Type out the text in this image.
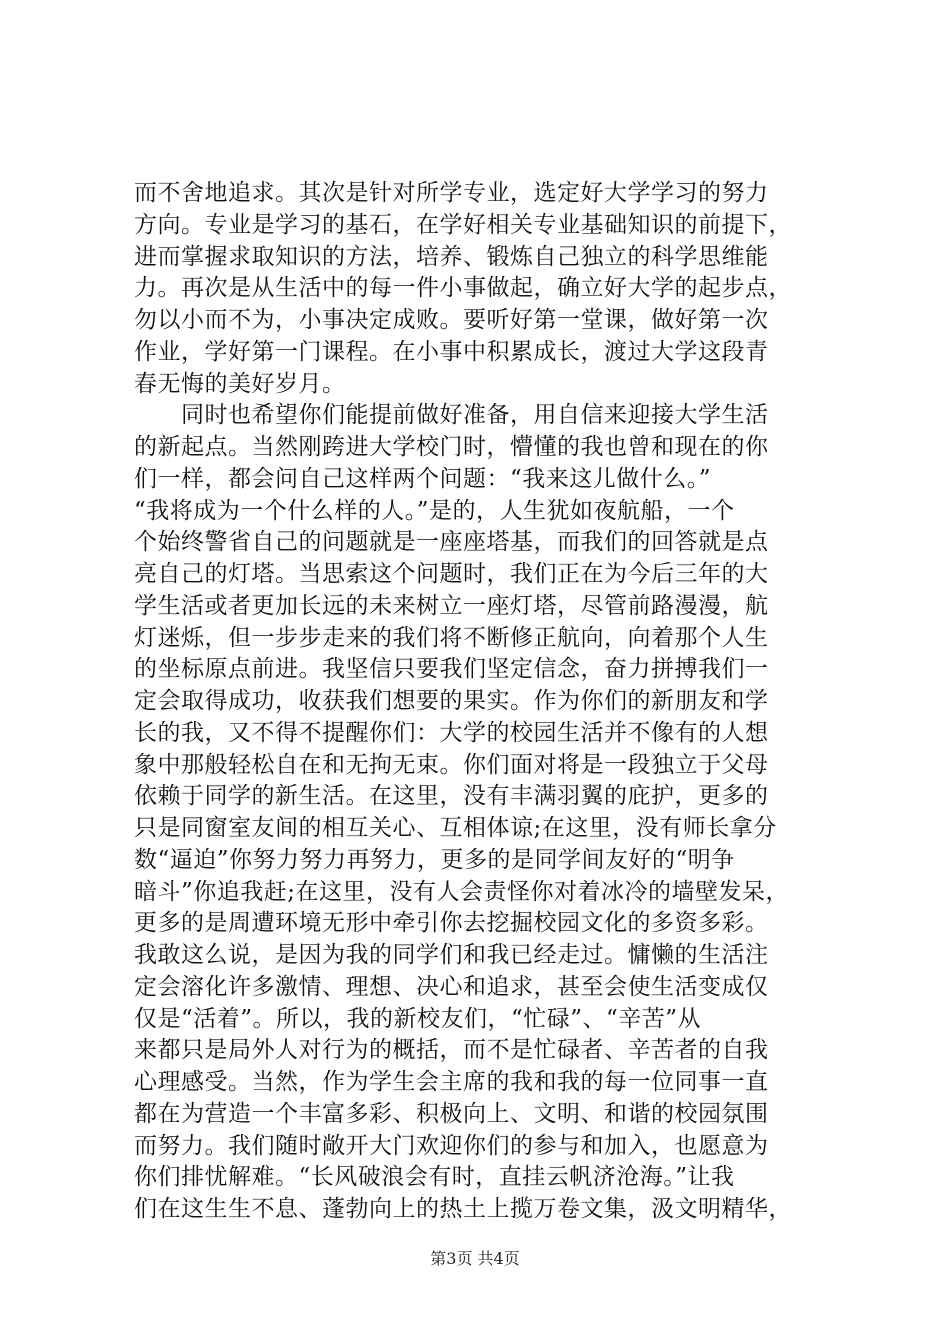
而不舍地追求。其次是针对所学专业，选定好大学学习的努力
方向。专业是学习的基石，在学好相关专业基础知识的前提下，
进而掌握求取知识的方法，培养、锻炼自己独立的科学思维能
力。再次是从生活中的每一件小事做起，确立好大学的起步点，
勿以小而不为，小事决定成败。要听好第一堂课，做好第一次
作业，学好第一门课程。在小事中积累成长，渡过大学这段青
春无悔的美好岁月。
　　同时也希望你们能提前做好准备，用自信来迎接大学生活
的新起点。当然刚跨进大学校门时，懵懂的我也曾和现在的你
们一样，都会问自己这样两个问题：“我来这儿做什么。”
“我将成为一个什么样的人。”是的，人生犹如夜航船，一个
个始终警省自己的问题就是一座座塔基，而我们的回答就是点
亮自己的灯塔。当思索这个问题时，我们正在为今后三年的大
学生活或者更加长远的未来树立一座灯塔，尽管前路漫漫，航
灯迷烁，但一步步走来的我们将不断修正航向，向着那个人生
的坐标原点前进。我坚信只要我们坚定信念，奋力拼搏我们一
定会取得成功，收获我们想要的果实。作为你们的新朋友和学
长的我，又不得不提醒你们：大学的校园生活并不像有的人想
象中那般轻松自在和无拘无束。你们面对将是一段独立于父母
依赖于同学的新生活。在这里，没有丰满羽翼的庇护，更多的
只是同窗室友间的相互关心、互相体谅;在这里，没有师长拿分
数“逼迫”你努力努力再努力，更多的是同学间友好的“明争
暗斗”你追我赶;在这里，没有人会责怪你对着冰冷的墙壁发呆，
更多的是周遭环境无形中牵引你去挖掘校园文化的多资多彩。
我敢这么说，是因为我的同学们和我已经走过。慵懒的生活注
定会溶化许多激情、理想、决心和追求，甚至会使生活变成仅
仅是“活着”。所以，我的新校友们，“忙碌”、“辛苦”从
来都只是局外人对行为的概括，而不是忙碌者、辛苦者的自我
心理感受。当然，作为学生会主席的我和我的每一位同事一直
都在为营造一个丰富多彩、积极向上、文明、和谐的校园氛围
而努力。我们随时敞开大门欢迎你们的参与和加入，也愿意为
你们排忧解难。“长风破浪会有时，直挂云帆济沧海。”让我
们在这生生不息、蓬勃向上的热土上揽万卷文集，汲文明精华，
第3页 共4页
